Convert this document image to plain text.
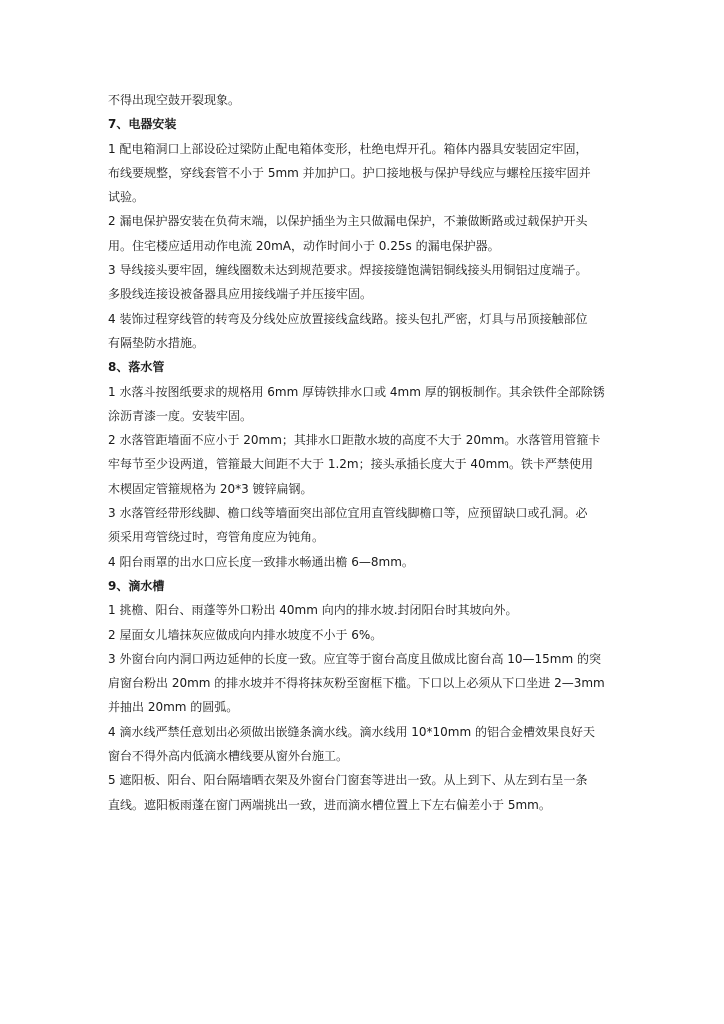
不得出现空鼓开裂现象。

7、电器安装

1 配电箱洞口上部设砼过梁防止配电箱体变形，杜绝电焊开孔。箱体内器具安装固定牢固，

布线要规整，穿线套管不小于 5mm 并加护口。护口接地极与保护导线应与螺栓压接牢固并

试验。

2 漏电保护器安装在负荷末端，以保护插坐为主只做漏电保护，不兼做断路或过载保护开头

用。住宅楼应适用动作电流 20mA，动作时间小于 0.25s 的漏电保护器。

3 导线接头要牢固，缠线圈数未达到规范要求。焊接接缝饱满铝铜线接头用铜铝过度端子。

多股线连接设被备器具应用接线端子并压接牢固。

4 装饰过程穿线管的转弯及分线处应放置接线盒线路。接头包扎严密，灯具与吊顶接触部位

有隔垫防水措施。

8、落水管

1 水落斗按图纸要求的规格用 6mm 厚铸铁排水口或 4mm 厚的钢板制作。其余铁件全部除锈

涂沥青漆一度。安装牢固。

2 水落管距墙面不应小于 20mm；其排水口距散水坡的高度不大于 20mm。水落管用管箍卡

牢每节至少设两道，管箍最大间距不大于 1.2m；接头承插长度大于 40mm。铁卡严禁使用

木楔固定管箍规格为 20*3 镀锌扁钢。

3 水落管经带形线脚、檐口线等墙面突出部位宜用直管线脚檐口等，应预留缺口或孔洞。必

须采用弯管绕过时，弯管角度应为钝角。

4 阳台雨罩的出水口应长度一致排水畅通出檐 6—8mm。

9、滴水槽

1 挑檐、阳台、雨蓬等外口粉出 40mm 向内的排水坡.封闭阳台时其坡向外。

2 屋面女儿墙抹灰应做成向内排水坡度不小于 6%。

3 外窗台向内洞口两边延伸的长度一致。应宜等于窗台高度且做成比窗台高 10—15mm 的突

肩窗台粉出 20mm 的排水坡并不得将抹灰粉至窗框下槛。下口以上必须从下口坐进 2—3mm

并抽出 20mm 的圆弧。

4 滴水线严禁任意划出必须做出嵌缝条滴水线。滴水线用 10*10mm 的铝合金槽效果良好天

窗台不得外高内低滴水槽线要从窗外台施工。

5 遮阳板、阳台、阳台隔墙晒衣架及外窗台门窗套等进出一致。从上到下、从左到右呈一条

直线。遮阳板雨蓬在窗门两端挑出一致，进而滴水槽位置上下左右偏差小于 5mm。
